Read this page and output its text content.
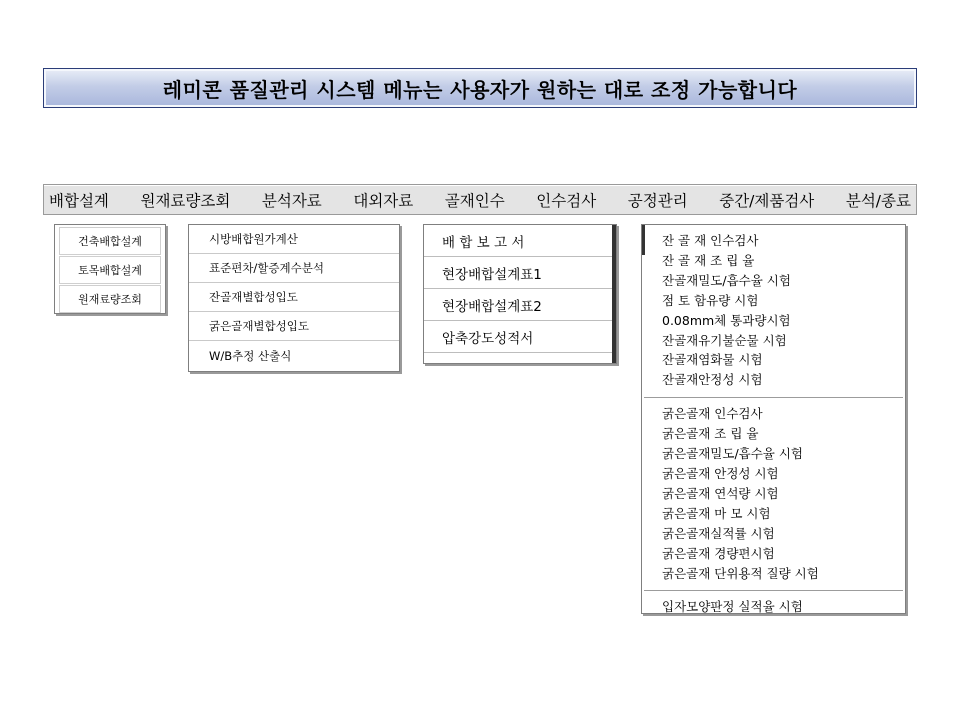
레미콘 품질관리 시스템 메뉴는 사용자가 원하는 대로 조정 가능합니다
배합설계 원재료량조회 분석자료 대외자료 골재인수 인수검사 공정관리 중간/제품검사 분석/종료
건축배합설계
토목배합설계
원재료량조회
시방배합원가계산
표준편차/할증계수분석
잔골재별합성입도
굵은골재별합성입도
W/B추정 산출식
배 합 보 고 서
현장배합설계표1
현장배합설계표2
압축강도성적서
잔 골 재 인수검사
잔 골 재 조 립 율
잔골재밀도/흡수율 시험
점 토 함유량 시험
0.08mm체 통과량시험
잔골재유기불순물 시험
잔골재염화물 시험
잔골재안정성 시험
굵은골재 인수검사
굵은골재 조 립 율
굵은골재밀도/흡수율 시험
굵은골재 안정성 시험
굵은골재 연석량 시험
굵은골재 마 모 시험
굵은골재실적률 시험
굵은골재 경량편시험
굵은골재 단위용적 질량 시험
입자모양판정 실적율 시험
